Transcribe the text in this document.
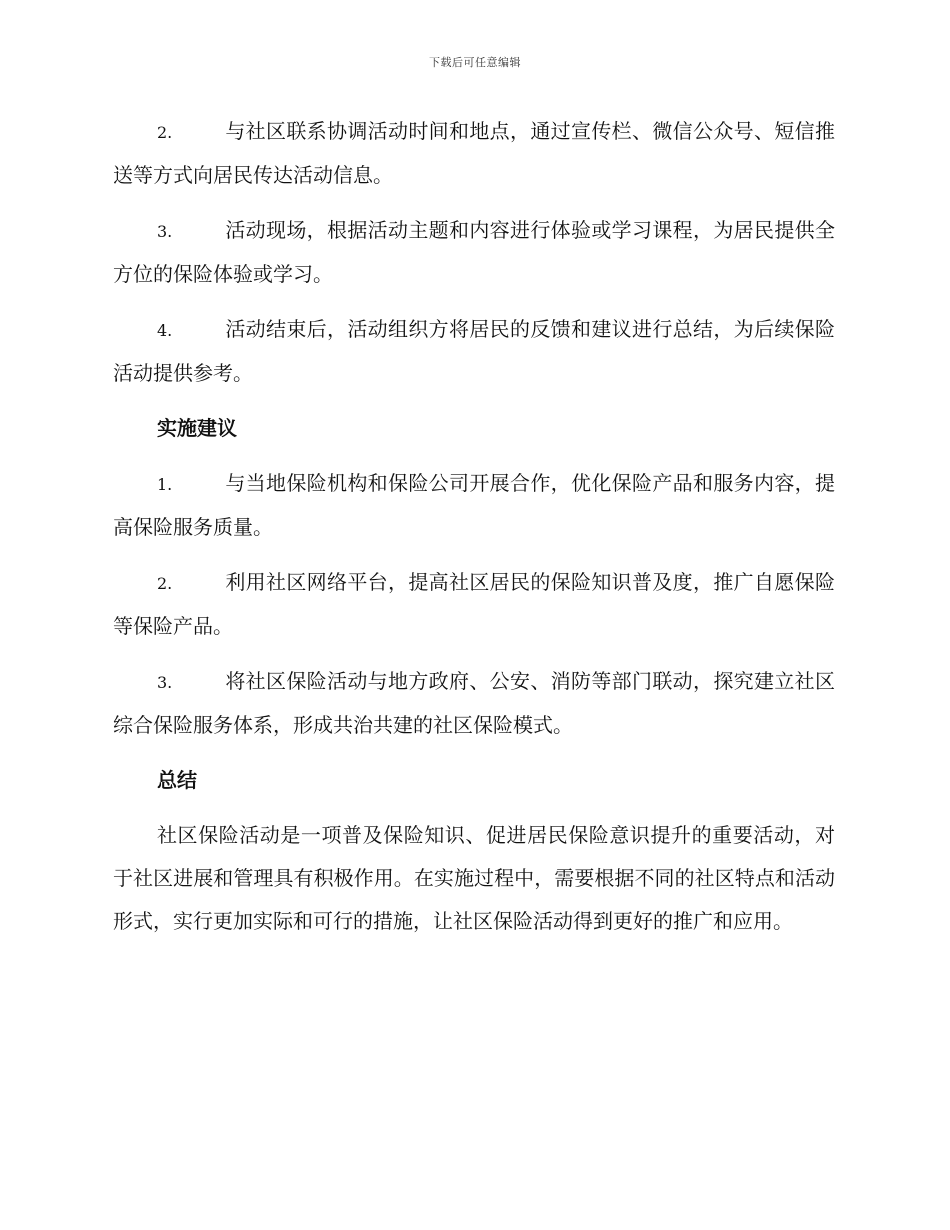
下载后可任意编辑

2.	与社区联系协调活动时间和地点，通过宣传栏、微信公众号、短信推送等方式向居民传达活动信息。

3.	活动现场，根据活动主题和内容进行体验或学习课程，为居民提供全方位的保险体验或学习。

4.	活动结束后，活动组织方将居民的反馈和建议进行总结，为后续保险活动提供参考。

实施建议

1.	与当地保险机构和保险公司开展合作，优化保险产品和服务内容，提高保险服务质量。

2.	利用社区网络平台，提高社区居民的保险知识普及度，推广自愿保险等保险产品。

3.	将社区保险活动与地方政府、公安、消防等部门联动，探究建立社区综合保险服务体系，形成共治共建的社区保险模式。

总结

社区保险活动是一项普及保险知识、促进居民保险意识提升的重要活动，对于社区进展和管理具有积极作用。在实施过程中，需要根据不同的社区特点和活动形式，实行更加实际和可行的措施，让社区保险活动得到更好的推广和应用。
